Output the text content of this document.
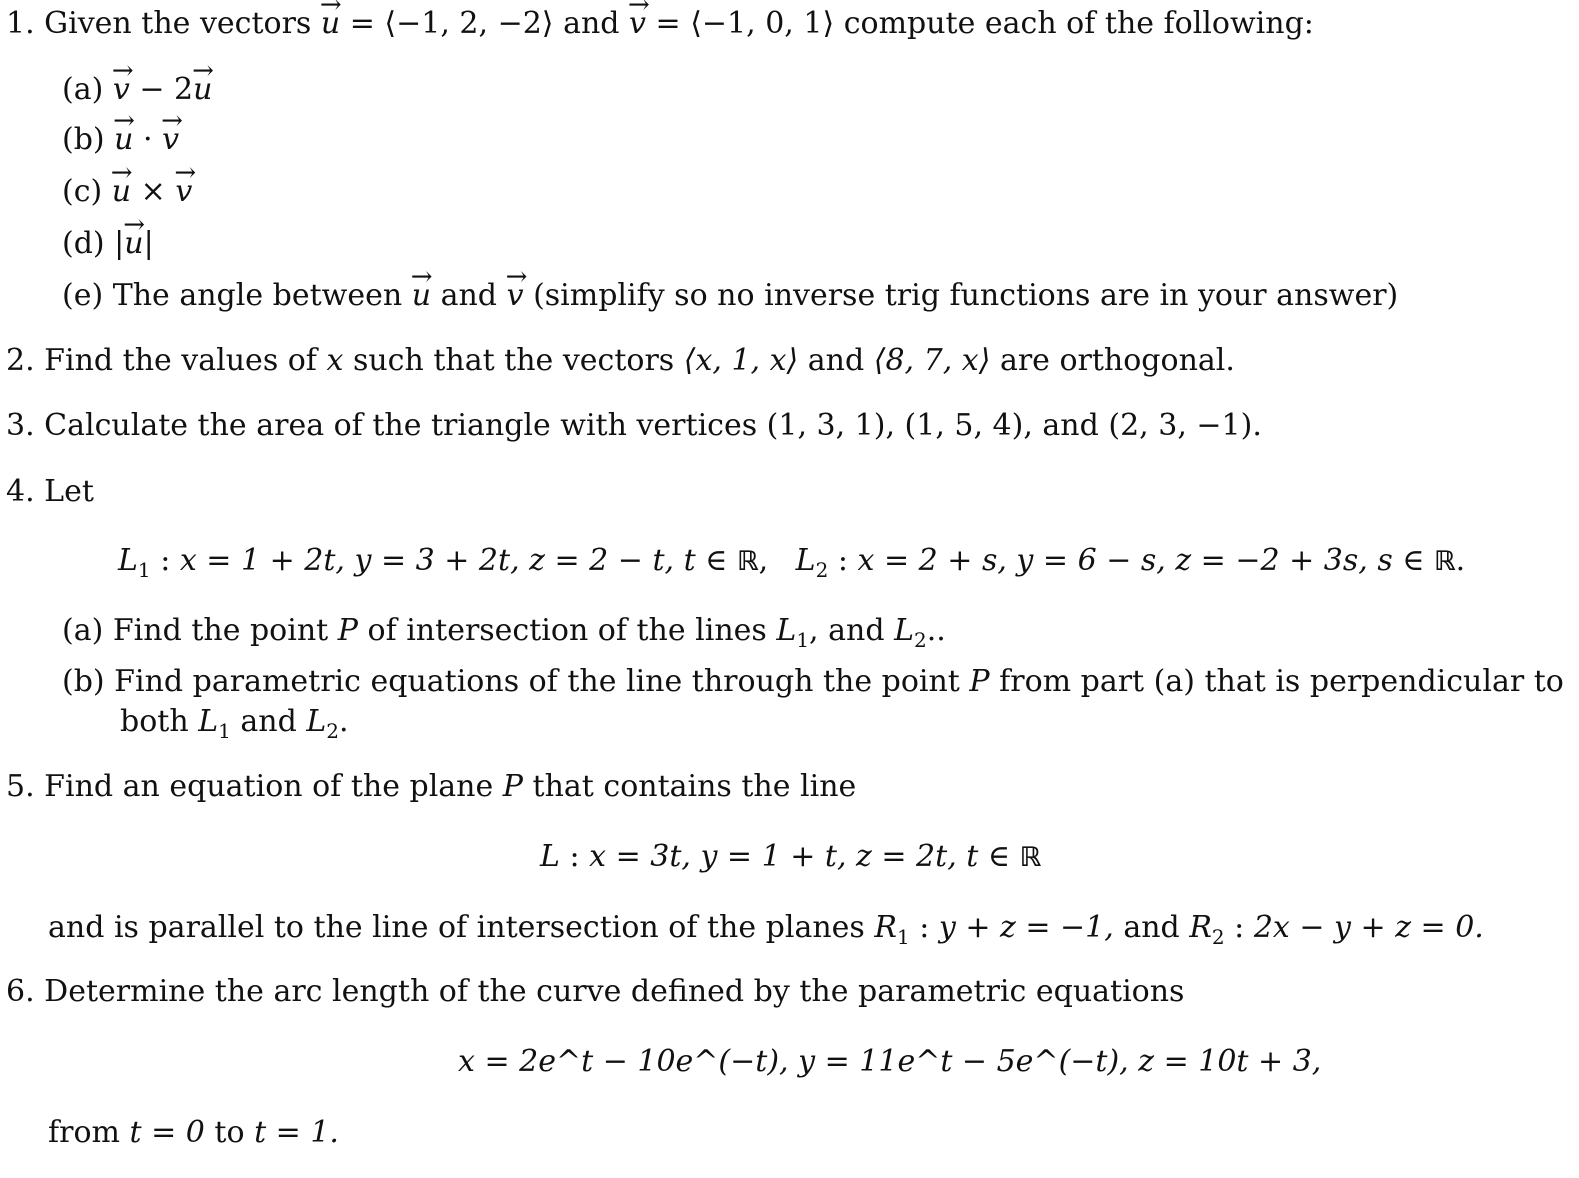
1. Given the vectors → u = ⟨−1, 2, −2⟩ and → v = ⟨−1, 0, 1⟩ compute each of the following:
(a) → v − 2→ u
(b) → u · → v
(c) → u × → v
(d) |→ u|
(e) The angle between → u and → v (simplify so no inverse trig functions are in your answer)
2. Find the values of x such that the vectors ⟨x, 1, x⟩ and ⟨8, 7, x⟩ are orthogonal.
3. Calculate the area of the triangle with vertices (1, 3, 1), (1, 5, 4), and (2, 3, −1).
4. Let
$L_1$ : x = 1 + 2t, y = 3 + 2t, z = 2 − t, t ∈ ℝ, $L_2$ : x = 2 + s, y = 6 − s, z = −2 + 3s, s ∈ ℝ.
(a) Find the point P of intersection of the lines $L_1$, and $L_2$..
(b) Find parametric equations of the line through the point P from part (a) that is perpendicular to
both $L_1$ and $L_2$.
5. Find an equation of the plane P that contains the line
L : x = 3t, y = 1 + t, z = 2t, t ∈ ℝ
and is parallel to the line of intersection of the planes $R_1$ : y + z = −1, and $R_2$ : 2x − y + z = 0.
6. Determine the arc length of the curve defined by the parametric equations
x = 2e^t − 10e^(−t), y = 11e^t − 5e^(−t), z = 10t + 3,
from t = 0 to t = 1.
